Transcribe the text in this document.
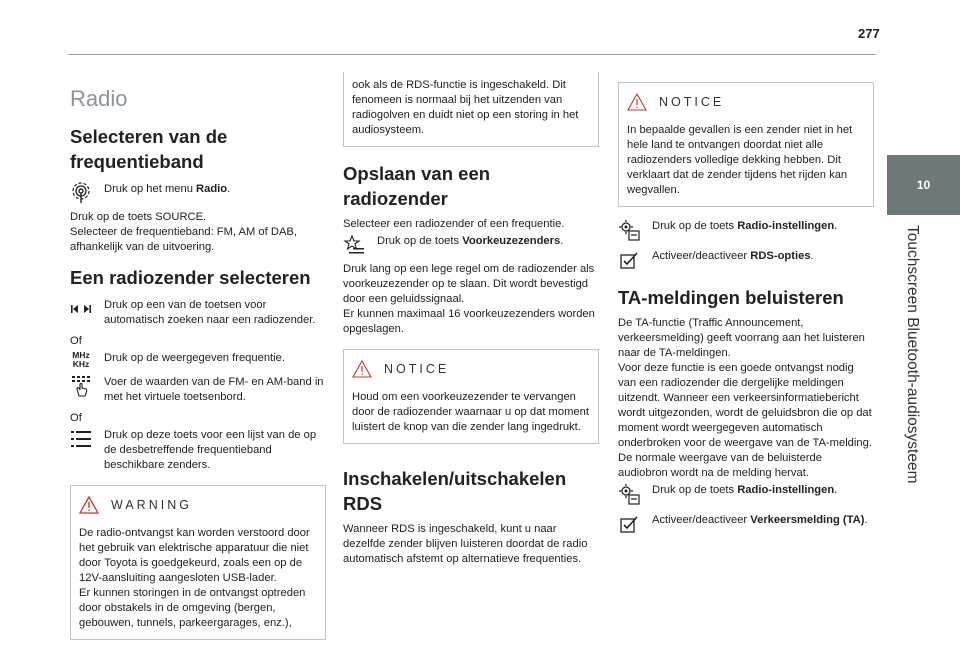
277
10
Touchscreen Bluetooth-audiosysteem
Radio
Selecteren van de frequentieband

Druk op het menu Radio.

Druk op de toets SOURCE.

Selecteer de frequentieband: FM, AM of DAB, afhankelijk van de uitvoering.

Een radiozender selecteren

Druk op een van de toetsen voor automatisch zoeken naar een radiozender.

Of

MHz
KHz Druk op de weergegeven frequentie.

Voer de waarden van de FM- en AM-band in met het virtuele toetsenbord.

Of

Druk op deze toets voor een lijst van de op de desbetreffende frequentieband beschikbare zenders.

WARNING

De radio-ontvangst kan worden verstoord door het gebruik van elektrische apparatuur die niet door Toyota is goedgekeurd, zoals een op de 12V-aansluiting aangesloten USB-lader.
Er kunnen storingen in de ontvangst optreden door obstakels in de omgeving (bergen, gebouwen, tunnels, parkeergarages, enz.),

ook als de RDS-functie is ingeschakeld. Dit fenomeen is normaal bij het uitzenden van radiogolven en duidt niet op een storing in het audiosysteem.

Opslaan van een radiozender

Selecteer een radiozender of een frequentie.

Druk op de toets Voorkeuzezenders.

Druk lang op een lege regel om de radiozender als voorkeuzezender op te slaan. Dit wordt bevestigd door een geluidssignaal.
Er kunnen maximaal 16 voorkeuzezenders worden opgeslagen.

NOTICE

Houd om een voorkeuzezender te vervangen door de radiozender waarnaar u op dat moment luistert de knop van die zender lang ingedrukt.

Inschakelen/uitschakelen
RDS

Wanneer RDS is ingeschakeld, kunt u naar dezelfde zender blijven luisteren doordat de radio automatisch afstemt op alternatieve frequenties.

NOTICE

In bepaalde gevallen is een zender niet in het hele land te ontvangen doordat niet alle radiozenders volledige dekking hebben. Dit verklaart dat de zender tijdens het rijden kan wegvallen.

Druk op de toets Radio-instellingen.

Activeer/deactiveer RDS-opties.

TA-meldingen beluisteren

De TA-functie (Traffic Announcement, verkeersmelding) geeft voorrang aan het luisteren naar de TA-meldingen.
Voor deze functie is een goede ontvangst nodig van een radiozender die dergelijke meldingen uitzendt. Wanneer een verkeersinformatiebericht wordt uitgezonden, wordt de geluidsbron die op dat moment wordt weergegeven automatisch onderbroken voor de weergave van de TA-melding. De normale weergave van de beluisterde audiobron wordt na de melding hervat.

Druk op de toets Radio-instellingen.

Activeer/deactiveer Verkeersmelding (TA).
